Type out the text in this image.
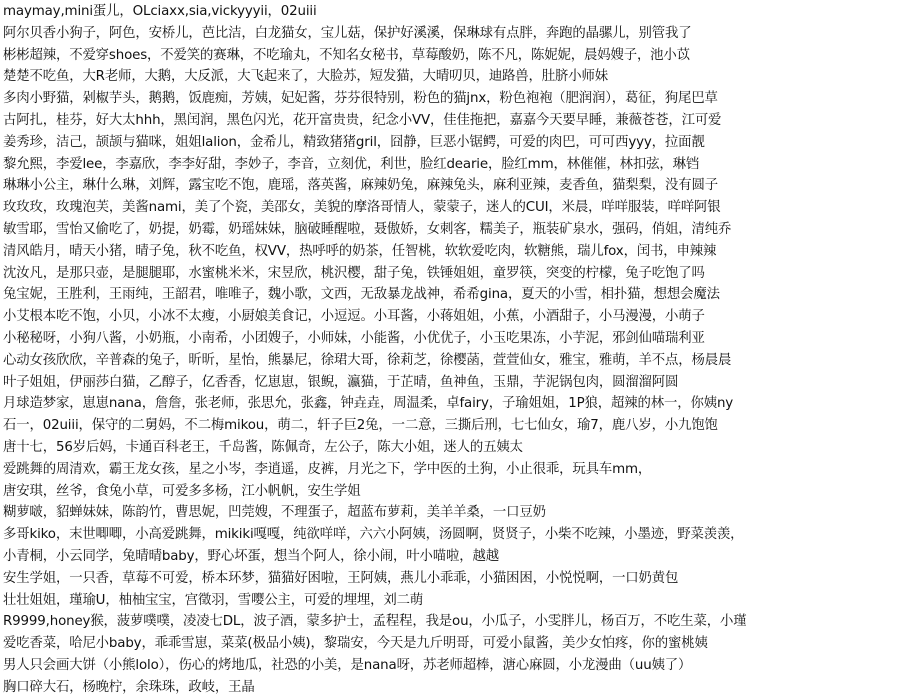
maymay,mini蛋儿，OLciaxx,sia,vickyyyii，02uiii
阿尔贝香小狗子，阿色，安桥儿，芭比洁，白龙猫女，宝儿菇，保护好溪溪，保琳球有点胖，奔跑的晶骡儿，别管我了
彬彬超辣，不爱穿shoes，不爱笑的赛琳，不吃瑜丸，不知名女秘书，草莓酸奶，陈不凡，陈妮妮，晨妈嫂子，池小苡
楚楚不吃鱼，大R老师，大鹅，大反派，大飞起来了，大脸苏，短发猫，大晴叨贝，迪路兽，肚脐小师妹
多肉小野猫，剁椒芋头，鹅鹅，饭鹿痴，芳姨，妃妃酱，芬芬很特别，粉色的猫jnx，粉色袍袍（肥润润），葛征，狗尾巴草
古阿扎，桂芬，好大太hhh，黑闰润，黑色闪光，花开富贵贵，纪念小VV，佳佳拖把，嘉嘉今天要早睡，兼薇苍苍，江可爱
姜秀珍，洁己，颉颉与猫咪，姐姐lalion，金希儿，精致猪猪gril，囧静，巨恶小锯鳄，可爱的肉巴，可可西yyy，拉面靓
黎允熙，李爱lee，李嘉欣，李李好甜，李妙子，李音，立刻优，利世，脸红dearie，脸红mm，林催催，林扣弦，琳铛
琳琳小公主，琳什么琳，刘辉，露宝吃不饱，鹿瑶，落英酱，麻辣奶兔，麻辣兔头，麻利亚辣，麦香鱼，猫梨梨，没有圆子
玫玫玫，玫瑰泡芙，美酱nami，美了个瓷，美邵女，美貌的摩洛哥情人，蒙蒙子，迷人的CUI，米晨，咩咩服装，咩咩阿银
敏雪耶，雪怡又偷吃了，奶提，奶霉，奶瑶妹妹，脑破睡醒啦，聂傲娇，女刺客，糯美子，瓶装矿泉水，强码，俏姐，清纯乔
清风皓月，晴天小猪，晴子兔，秋不吃鱼，权VV，热呼呼的奶茶，任智桃，软软爱吃肉，软糖熊，瑞儿fox，闰书，申辣辣
沈汝凡，是那只壶，是腿腿耶，水蜜桃米米，宋昱欣，桃沢樱，甜子兔，铁锤姐姐，童罗筷，突变的柠檬，兔子吃饱了吗
兔宝妮，王胜利，王雨纯，王韶君，唯唯子，魏小歌，文西，无敌暴龙战神，希希gina，夏天的小雪，相扑猫，想想会魔法
小艾根本吃不饱，小贝，小冰不太瘦，小厨娘美食记，小逗逗。小耳酱，小蒋姐姐，小蕉，小酒甜子，小马漫漫，小萌子
小秘秘呀，小狗八酱，小奶瓶，小南希，小团嫂子，小师妹，小能酱，小优优子，小玉吃果冻，小芋泥，邪剑仙喵瑞利亚
心动女孩欣欣，辛普森的兔子，昕昕，星怡，熊暴尼，徐珺大哥，徐莉芝，徐樱菡，萱萱仙女，雅宝，雅萌，羊不点，杨晨晨
叶子姐姐，伊丽莎白猫，乙醇子，亿香香，忆崽崽，银鲵，瀛猫，于芷晴，鱼神鱼，玉鼎，芋泥锅包肉，圆溜溜阿圆
月球造梦家，崽崽nana，詹詹，张老师，张思允，张鑫，钟垚垚，周温柔，卓fairy，子瑜姐姐，1P狼，超辣的林一，你姨ny
石一，02uiii，保守的二舅妈，不二梅mikou，萌二，轩子巨2兔，一二意，三撕后刑，七七仙女，瑜7，鹿八岁，小九饱饱
唐十七，56岁后妈，卡通百科老王，千岛酱，陈佩奇，左公子，陈大小姐，迷人的五姨太
爱跳舞的周清欢，霸王龙女孩，星之小岑，李逍遥，皮裤，月光之下，学中医的土狗，小止很乖，玩具车mm，
唐安琪，丝爷，食兔小草，可爱多多杨，江小帆帆，安生学姐
糊萝啵，貂蝉妹妹，陈韵竹，曹思妮，凹莞嫂，不理蛋子，超蓝布萝莉，美羊羊桑，一口豆奶
多哥kiko，末世唧唧，小高爱跳舞，mikiki嘎嘎，纯欲咩咩，六六小阿姨，汤圆啊，贤贤子，小柴不吃辣，小墨迹，野菜羡羡，
小青桐，小云同学，兔晴晴baby，野心坏蛋，想当个阿人，徐小闹，叶小喵啦，越越
安生学姐，一只香，草莓不可爱，桥本环梦，猫猫好困啦，王阿姨，燕儿小乖乖，小猫困困，小悦悦啊，一口奶黄包
壮壮姐姐，瑾瑜U，柚柚宝宝，宫徵羽，雪嘤公主，可爱的埋埋，刘二萌
R9999,honey猴，菠萝噗噗，凌凌七DL，波子酒，蒙多护士，孟程程，我是ou，小瓜子，小雯胖儿，杨百万，不吃生菜，小瑾
爱吃香菜，哈尼小baby，乖乖雪崽，菜菜(极品小姨)，黎瑞安，今天是九斤明哥，可爱小鼠酱，美少女怕疼，你的蜜桃姨
男人只会画大饼（小熊lolo），伤心的烤地瓜，社恐的小美，是nana呀，苏老师超棒，溏心麻圆，小龙漫曲（uu姨了）
胸口碎大石，杨晚柠，余珠珠，政岐，王晶
